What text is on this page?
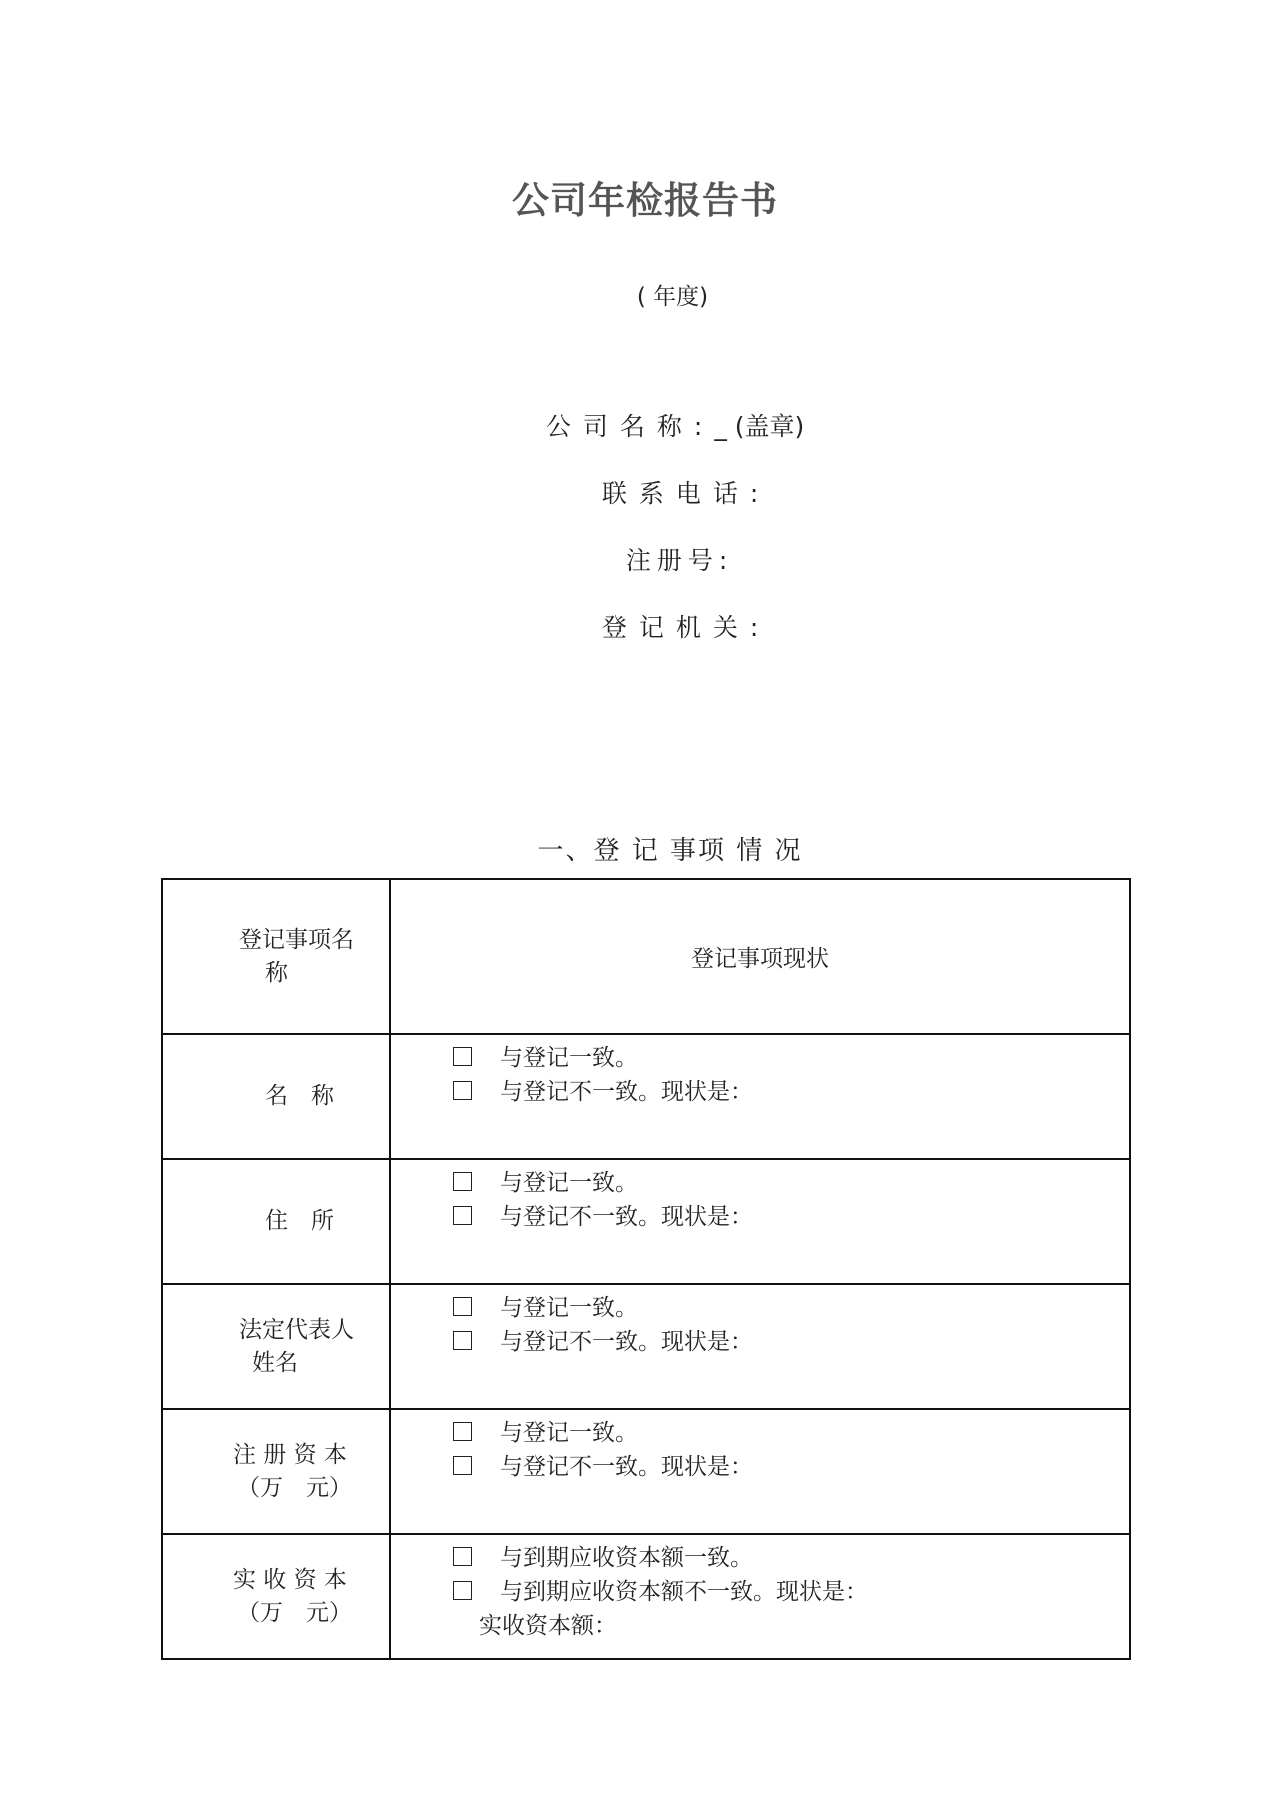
公司年检报告书
( 年度)

公司名称:_ (盖章)

联系电话:

注册号:

登记机关:

一、登 记 事项 情 况
登记事项名
称	登记事项现状

名　称	与登记一致。
与登记不一致。现状是：

住　所	与登记一致。
与登记不一致。现状是：

法定代表人
姓名	与登记一致。
与登记不一致。现状是：

注 册 资 本
（万　元）	与登记一致。
与登记不一致。现状是：

实 收 资 本
（万　元）	与到期应收资本额一致。
与到期应收资本额不一致。现状是：
实收资本额：
